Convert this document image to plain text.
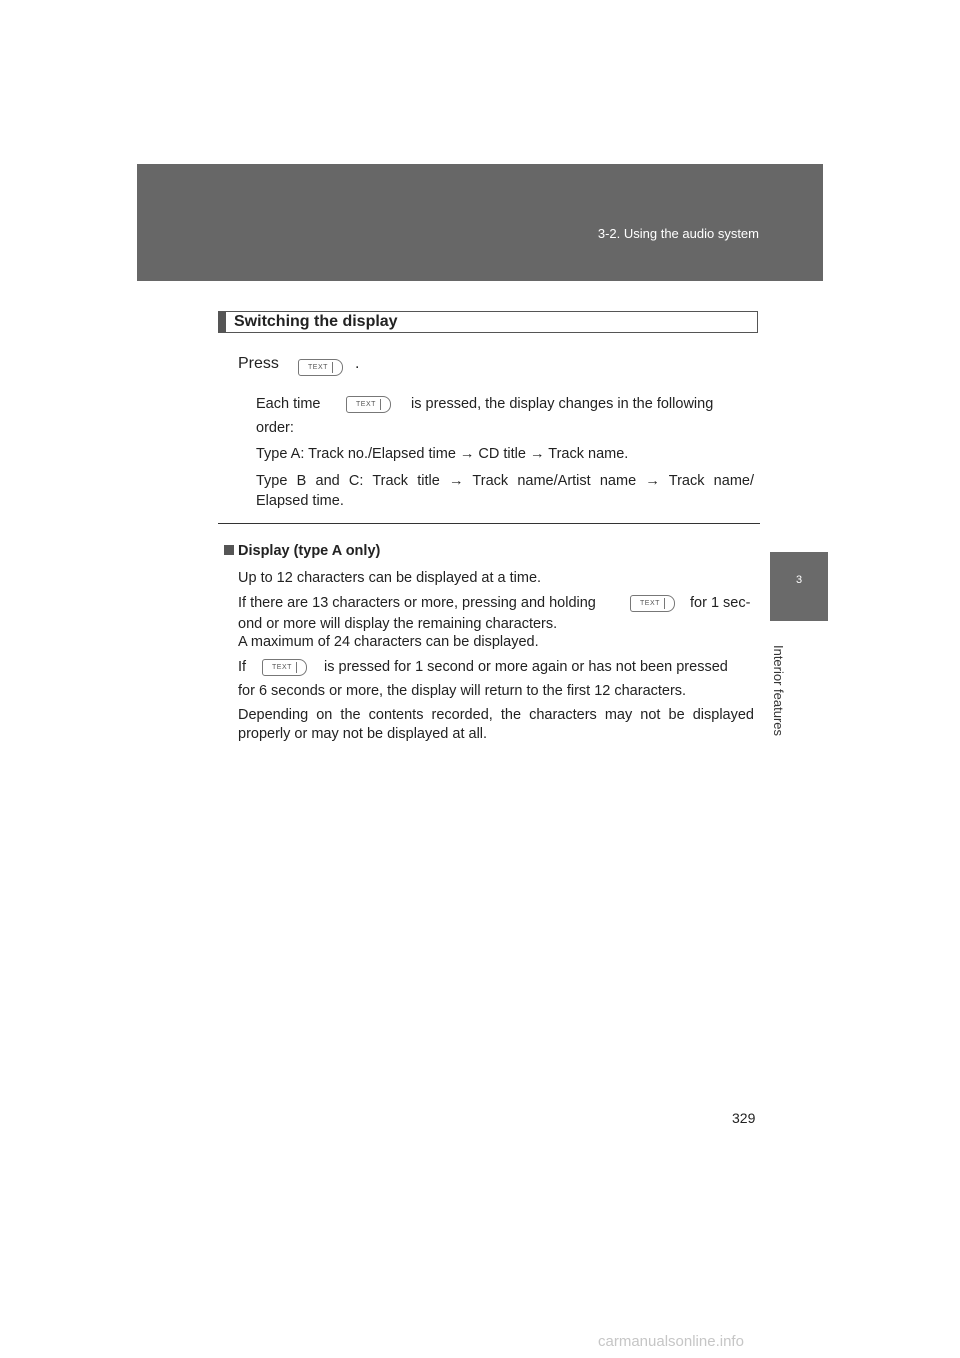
3-2. Using the audio system
3
Interior features
Switching the display
Press	TEXT .
Each time	TEXT is pressed, the display changes in the following
order:
Type A: Track no./Elapsed time → CD title → Track name.
Type B and C: Track title → Track name/Artist name → Track name/
Elapsed time.
Display (type A only)
Up to 12 characters can be displayed at a time.
If there are 13 characters or more, pressing and holding	TEXT for 1 sec-
ond or more will display the remaining characters.
A maximum of 24 characters can be displayed.
If	TEXT is pressed for 1 second or more again or has not been pressed
for 6 seconds or more, the display will return to the first 12 characters.
Depending on the contents recorded, the characters may not be displayed
properly or may not be displayed at all.
329
carmanualsonline.info
